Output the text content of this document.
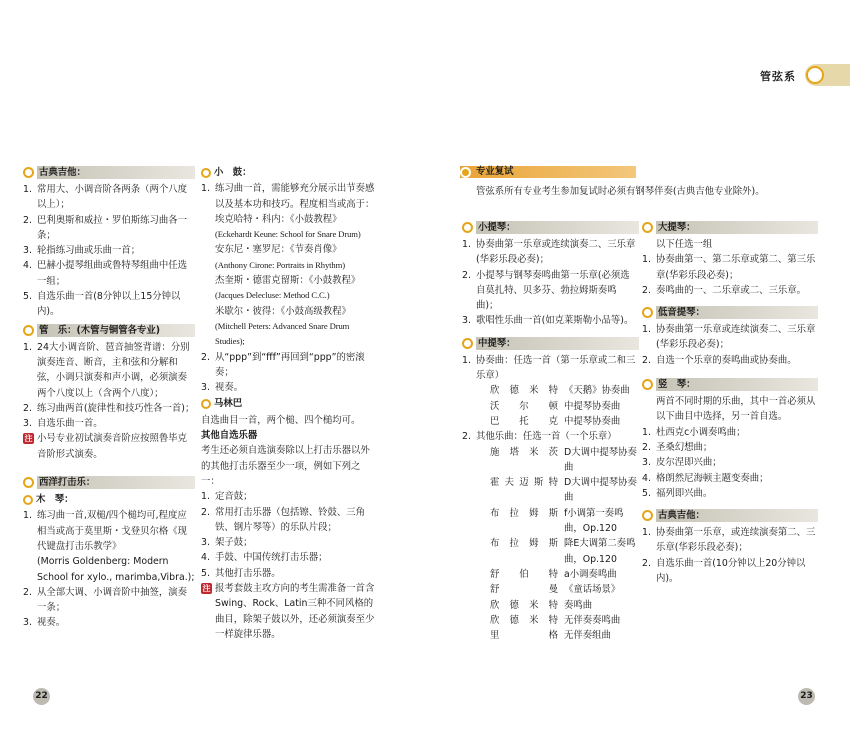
管弦系
古典吉他：
1. 常用大、小调音阶各两条（两个八度以上）；
2. 巴利奥斯和威拉・罗伯斯练习曲各一条；
3. 轮指练习曲或乐曲一首；
4. 巴赫小提琴组曲或鲁特琴组曲中任选一组；
5. 自选乐曲一首(8分钟以上15分钟以内)。
管　乐：(木管与铜管各专业)
1. 24大小调音阶、琶音抽签背谱：分别演奏连音、断音，主和弦和分解和弦，小调只演奏和声小调，必须演奏两个八度以上（含两个八度）；
2. 练习曲两首(旋律性和技巧性各一首)；
3. 自选乐曲一首。
注 小号专业初试演奏音阶应按照鲁毕克音阶形式演奏。
西洋打击乐：
木　琴：
1. 练习曲一首,双槌/四个槌均可,程度应相当或高于莫里斯・戈登贝尔格《现代键盘打击乐教学》
(Morris Goldenberg: Modern School for xylo., marimba,Vibra.);
2. 从全部大调、小调音阶中抽签，演奏一条；
3. 视奏。
小　鼓：
1. 练习曲一首，需能够充分展示出节奏感以及基本功和技巧。程度相当或高于：
埃克哈特・科内：《小鼓教程》
(Eckehardt Keune: School for Snare Drum)
安东尼・塞罗尼：《节奏肖像》
(Anthony Cirone: Portraits in Rhythm)
杰奎斯・德雷克留斯：《小鼓教程》
(Jacques Delecluse: Method C.C.)
米歇尔・彼得：《小鼓高级教程》
(Mitchell Peters: Advanced Snare Drum Studies);
2. 从“ppp”到“fff”再回到“ppp”的密滚奏；
3. 视奏。
马林巴
自选曲目一首，两个槌、四个槌均可。
其他自选乐器
考生还必须自选演奏除以上打击乐器以外的其他打击乐器至少一项，例如下列之一：
1. 定音鼓；
2. 常用打击乐器（包括镲、铃鼓、三角铁、钢片琴等）的乐队片段；
3. 架子鼓；
4. 手鼓、中国传统打击乐器；
5. 其他打击乐器。
注 报考套鼓主攻方向的考生需准备一首含Swing、Rock、Latin三种不同风格的曲目，除架子鼓以外，还必须演奏至少一样旋律乐器。
专业复试
管弦系所有专业考生参加复试时必须有钢琴伴奏(古典吉他专业除外)。
小提琴：
1. 协奏曲第一乐章或连续演奏二、三乐章(华彩乐段必奏)；
2. 小提琴与钢琴奏鸣曲第一乐章(必须选自莫扎特、贝多芬、勃拉姆斯奏鸣曲)；
3. 歌唱性乐曲一首(如克莱斯勒小品等)。
中提琴：
1. 协奏曲：任选一首（第一乐章或二和三乐章）
欣德米特 《天鹅》协奏曲
沃尔顿 中提琴协奏曲
巴托克 中提琴协奏曲
2. 其他乐曲：任选一首（一个乐章）
施塔米茨 D大调中提琴协奏曲
霍夫迈斯特 D大调中提琴协奏曲
布拉姆斯 f小调第一奏鸣曲，Op.120
布拉姆斯 降E大调第二奏鸣曲，Op.120
舒伯特 a小调奏鸣曲
舒曼 《童话场景》
欣德米特 奏鸣曲
欣德米特 无伴奏奏鸣曲
里格 无伴奏组曲
大提琴：
以下任选一组
1. 协奏曲第一、第二乐章或第二、第三乐章(华彩乐段必奏)；
2. 奏鸣曲的一、二乐章或二、三乐章。
低音提琴：
1. 协奏曲第一乐章或连续演奏二、三乐章(华彩乐段必奏)；
2. 自选一个乐章的奏鸣曲或协奏曲。
竖　琴：
两首不同时期的乐曲，其中一首必须从以下曲目中选择，另一首自选。
1. 杜西克c小调奏鸣曲；
2. 圣桑幻想曲；
3. 皮尔涅即兴曲；
4. 格朗然尼海顿主题变奏曲；
5. 福列即兴曲。
古典吉他：
1. 协奏曲第一乐章，或连续演奏第二、三乐章(华彩乐段必奏)；
2. 自选乐曲一首(10分钟以上20分钟以内)。
22	23
